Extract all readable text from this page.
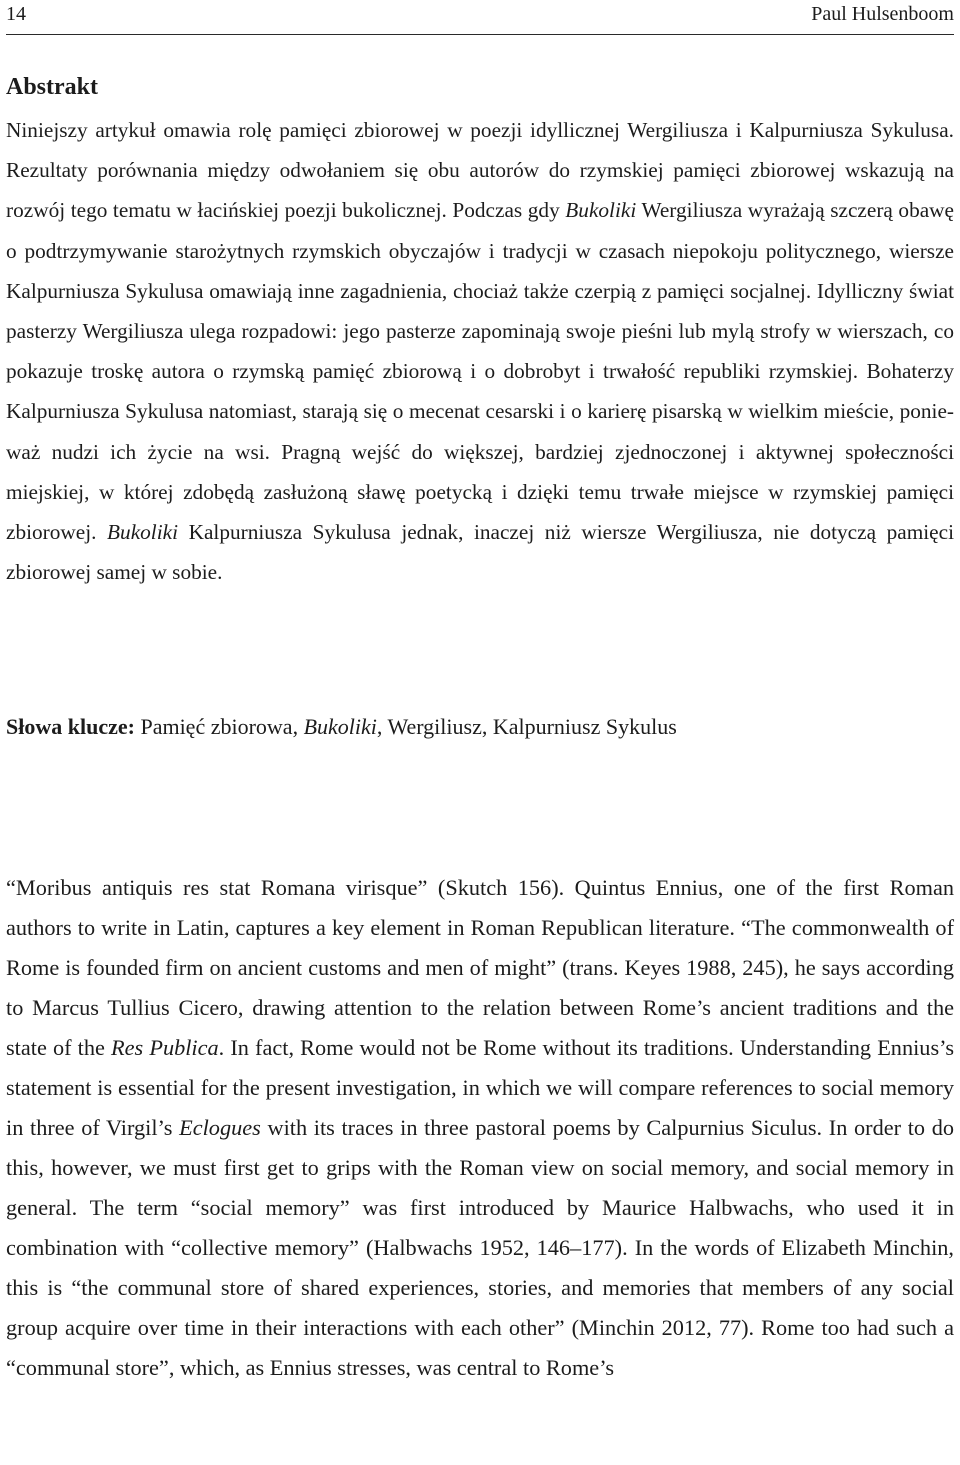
14	Paul Hulsenboom
Abstrakt

Niniejszy artykuł omawia rolę pamięci zbiorowej w poezji idyllicznej Wergiliusza i Kalpurniusza Sykulusa. Rezultaty porównania między odwołaniem się obu autorów do rzymskiej pamięci zbiorowej wskazują na rozwój tego tematu w łacińskiej poezji bukolicznej. Podczas gdy Bukoliki Wergiliusza wyrażają szczerą obawę o podtrzymywanie starożytnych rzymskich obyczajów i tradycji w czasach niepokoju politycznego, wiersze Kalpurniusza Sykulusa omawiają inne zagadnienia, chociaż także czerpią z pamięci socjalnej. Idylliczny świat pasterzy Wergiliusza ulega rozpadowi: jego pasterze zapominają swoje pieśni lub mylą strofy w wierszach, co pokazuje troskę autora o rzymską pamięć zbiorową i o dobrobyt i trwałość republiki rzymskiej. Bohaterzy Kalpurniusza Sykulusa natomiast, starają się o mecenat cesarski i o karierę pisarską w wielkim mieście, ponieważ nudzi ich życie na wsi. Pragną wejść do większej, bardziej zjednoczonej i aktywnej społeczności miejskiej, w której zdobędą zasłużoną sławę poetycką i dzięki temu trwałe miejsce w rzymskiej pamięci zbiorowej. Bukoliki Kalpurniusza Sykulusa jednak, inaczej niż wiersze Wergiliusza, nie dotyczą pamięci zbiorowej samej w sobie.

Słowa klucze: Pamięć zbiorowa, Bukoliki, Wergiliusz, Kalpurniusz Sykulus

“Moribus antiquis res stat Romana virisque” (Skutch 156). Quintus Ennius, one of the first Roman authors to write in Latin, captures a key element in Roman Republican literature. “The commonwealth of Rome is founded firm on ancient customs and men of might” (trans. Keyes 1988, 245), he says according to Marcus Tullius Cicero, drawing attention to the relation between Rome’s ancient traditions and the state of the Res Publica. In fact, Rome would not be Rome without its traditions. Understanding Ennius’s statement is essential for the present investigation, in which we will compare references to social memory in three of Virgil’s Eclogues with its traces in three pastoral poems by Calpurnius Siculus. In order to do this, however, we must first get to grips with the Roman view on social memory, and social memory in general. The term “social memory” was first introduced by Maurice Halbwachs, who used it in combination with “collective memory” (Halbwachs 1952, 146–177). In the words of Elizabeth Minchin, this is “the communal store of shared experiences, stories, and memories that members of any social group acquire over time in their interactions with each other” (Minchin 2012, 77). Rome too had such a “communal store”, which, as Ennius stresses, was central to Rome’s
